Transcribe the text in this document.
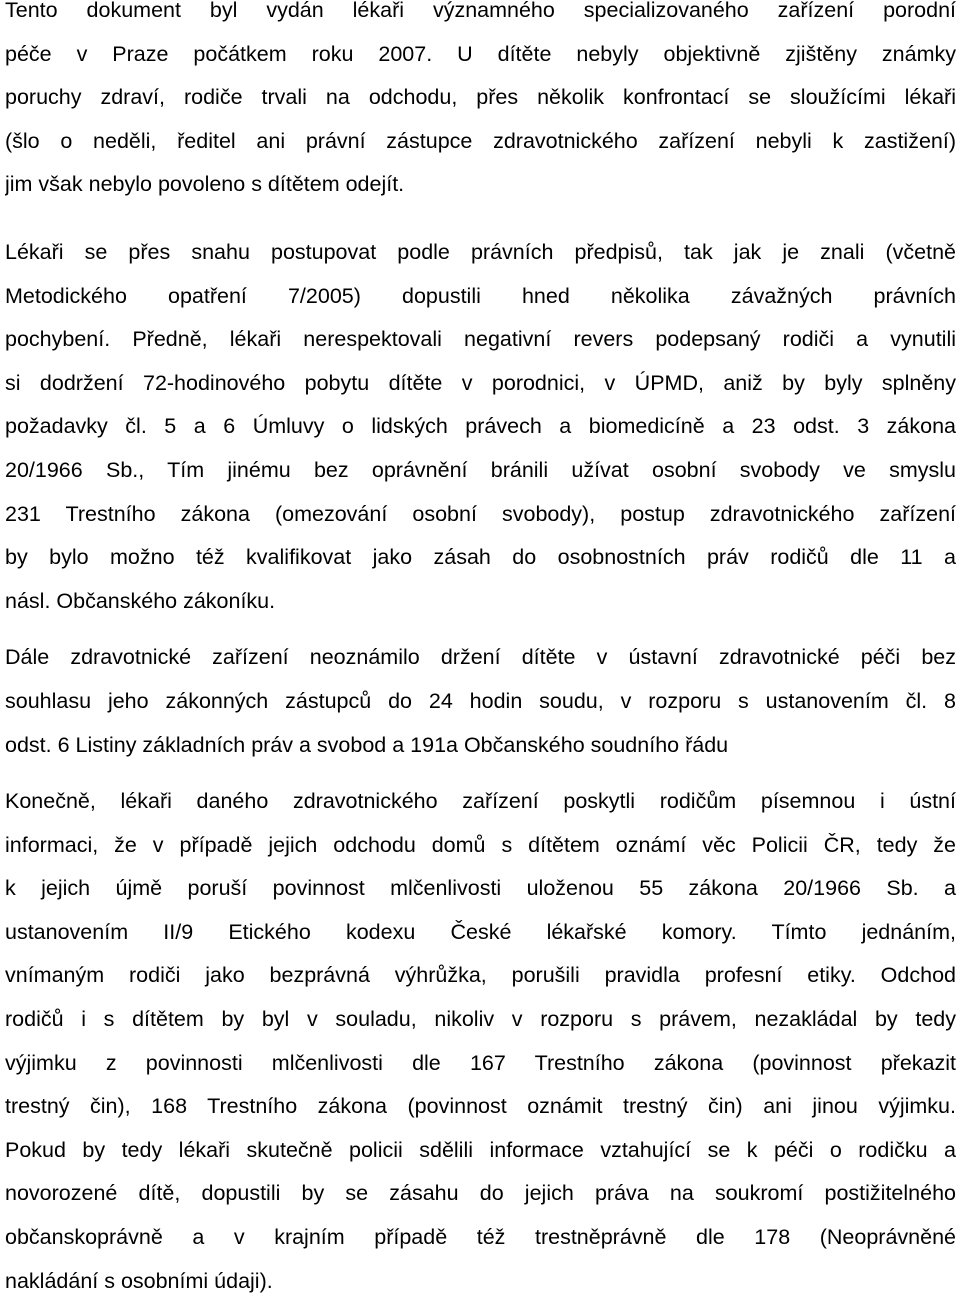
Tento dokument byl vydán lékaři významného specializovaného zařízení porodní
péče v Praze počátkem roku 2007. U dítěte nebyly objektivně zjištěny známky
poruchy zdraví, rodiče trvali na odchodu, přes několik konfrontací se sloužícími lékaři
(šlo o neděli, ředitel ani právní zástupce zdravotnického zařízení nebyli k zastižení)
jim však nebylo povoleno s dítětem odejít.
Lékaři se přes snahu postupovat podle právních předpisů, tak jak je znali (včetně
Metodického opatření 7/2005) dopustili hned několika závažných právních
pochybení. Předně, lékaři nerespektovali negativní revers podepsaný rodiči a vynutili
si dodržení 72-hodinového pobytu dítěte v porodnici, v ÚPMD, aniž by byly splněny
požadavky čl. 5 a 6 Úmluvy o lidských právech a biomedicíně a 23 odst. 3 zákona
20/1966 Sb., Tím jinému bez oprávnění bránili užívat osobní svobody ve smyslu
231 Trestního zákona (omezování osobní svobody), postup zdravotnického zařízení
by bylo možno též kvalifikovat jako zásah do osobnostních práv rodičů dle 11 a
násl. Občanského zákoníku.
Dále zdravotnické zařízení neoznámilo držení dítěte v ústavní zdravotnické péči bez
souhlasu jeho zákonných zástupců do 24 hodin soudu, v rozporu s ustanovením čl. 8
odst. 6 Listiny základních práv a svobod a 191a Občanského soudního řádu
Konečně, lékaři daného zdravotnického zařízení poskytli rodičům písemnou i ústní
informaci, že v případě jejich odchodu domů s dítětem oznámí věc Policii ČR, tedy že
k jejich újmě poruší povinnost mlčenlivosti uloženou 55 zákona 20/1966 Sb. a
ustanovením II/9 Etického kodexu České lékařské komory. Tímto jednáním,
vnímaným rodiči jako bezprávná výhrůžka, porušili pravidla profesní etiky. Odchod
rodičů i s dítětem by byl v souladu, nikoliv v rozporu s právem, nezakládal by tedy
výjimku z povinnosti mlčenlivosti dle 167 Trestního zákona (povinnost překazit
trestný čin), 168 Trestního zákona (povinnost oznámit trestný čin) ani jinou výjimku.
Pokud by tedy lékaři skutečně policii sdělili informace vztahující se k péči o rodičku a
novorozené dítě, dopustili by se zásahu do jejich práva na soukromí postižitelného
občanskoprávně a v krajním případě též trestněprávně dle 178 (Neoprávněné
nakládání s osobními údaji).
